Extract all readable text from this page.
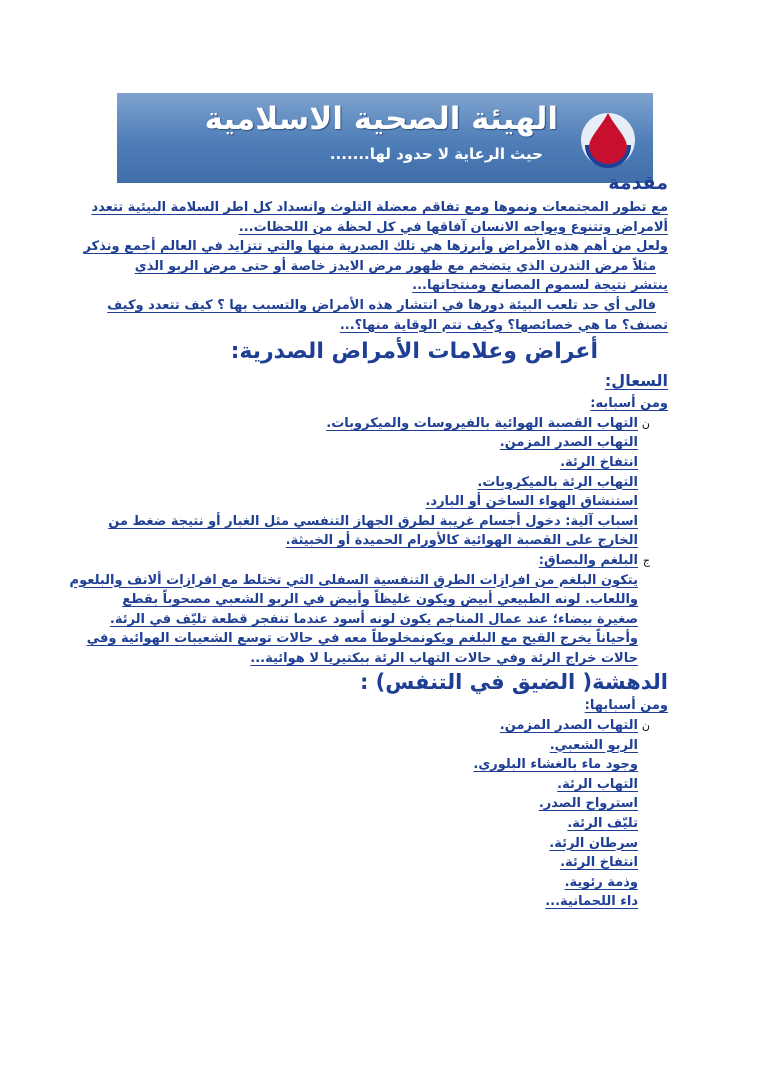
الهيئة الصحية الاسلامية
حيث الرعاية لا حدود لها.......
مقدمة
مع تطور المجتمعات ونموها ومع تفاقم معضلة التلوث وانسداد كل اطر السلامة البيئية تتعدد
ألامراض وتتنوع ويواجه الانسان آفاقها في كل لحظة من اللحظات...
ولعل من أهم هذه الأمراض وأبرزها هي تلك الصدرية منها والتي تتزايد في العالم أجمع ونذكر
مثلاً مرض التدرن الذي يتضخم مع ظهور مرض الايدز خاصة أو حتى مرض الربو الذي
ينتشر نتيجة لسموم المصانع ومنتجاتها...
فالى أي حد تلعب البيئة دورها في انتشار هذه الأمراض والتسبب بها ؟ كيف تتعدد وكيف
تصنف؟ ما هي خصائصها؟ وكيف تتم الوقاية منها؟...
أعراض وعلامات الأمراض الصدرية:
السعال:
ومن أسبابه:
ن
التهاب القصبة الهوائية بالفيروسات والميكروبات.
التهاب الصدر المزمن.
انتفاخ الرئة.
التهاب الرئة بالميكروبات.
استنشاق الهواء الساخن أو البارد.
اسباب آلية: دخول أجسام غريبة لطرق الجهاز التنفسي مثل الغبار أو نتيجة ضغط من
الخارج على القصبة الهوائية كالأورام الحميدة أو الخبيثة.
ج
البلغم والبصاق:
يتكون البلغم من افرازات الطرق التنفسية السفلى التي تختلط مع افرازات ألانف والبلعوم
واللعاب. لونه الطبيعي أبيض ويكون غليظاً وأبيض في الربو الشعبي مصحوباً بقطع
صغيرة بيضاء؛ عند عمال المناجم يكون لونه أسود عندما تنفجر قطعة تليّف في الرئة.
وأحياناً يخرج القيح مع البلغم ويكونمخلوطاً معه في حالات توسع الشعيبات الهوائية وفي
حالات خراج الرئة وفي حالات التهاب الرئة ببكتيريا لا هوائية...
الدهشة( الضيق في التنفس) :
ومن أسبابها:
ن
التهاب الصدر المزمن.
الربو الشعبي.
وجود ماء بالغشاء البلوري.
التهاب الرئة.
استرواح الصدر.
تليّف الرئة.
سرطان الرئة.
انتفاخ الرئة.
وذمة رئوية.
داء اللحمانية...
